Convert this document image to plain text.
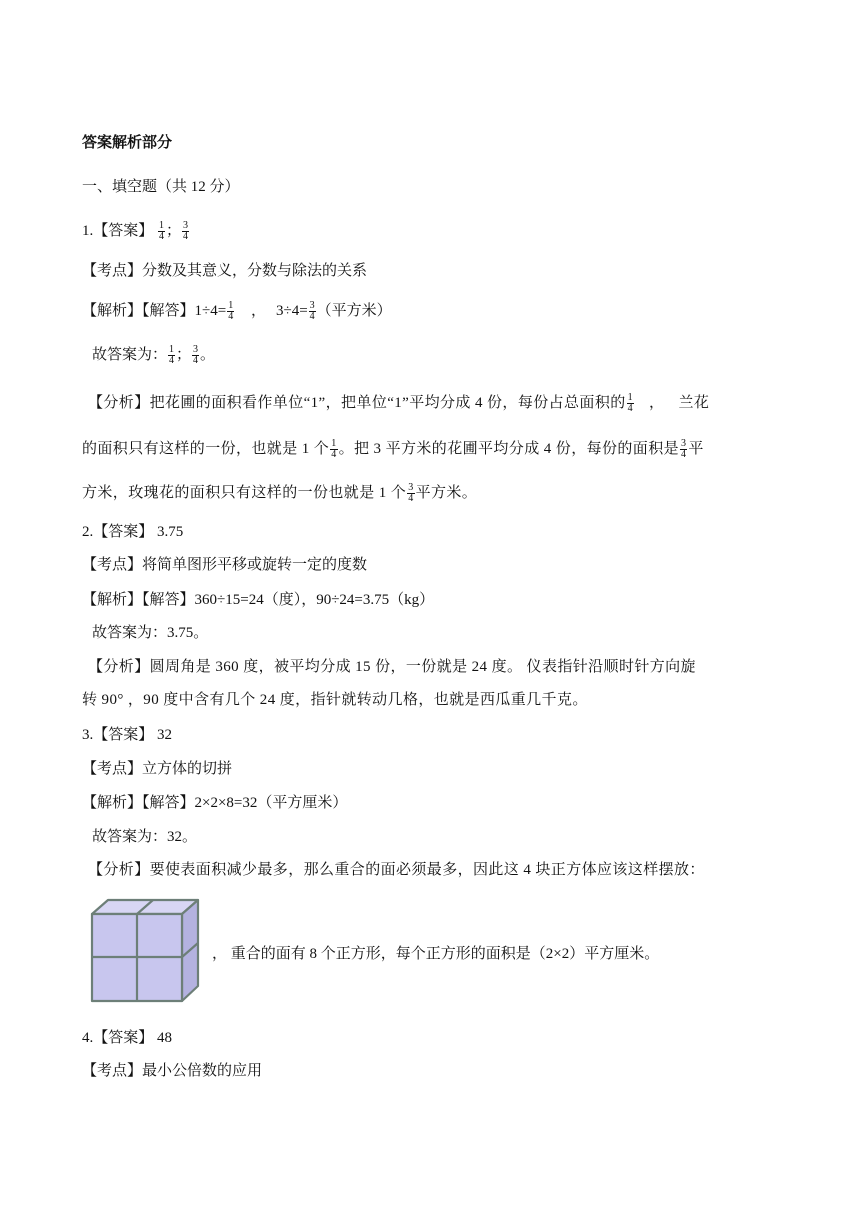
答案解析部分
一、填空题（共 12 分）
1.【答案】 $\frac{1}{4}$ ； $\frac{3}{4}$
【考点】分数及其意义，分数与除法的关系
【解析】【解答】$1\div 4= \frac{1}{4}$ ， $3\div 4= \frac{3}{4}$ （平方米）
故答案为： $\frac{1}{4}$ ； $\frac{3}{4}$ 。
【分析】把花圃的面积看作单位“1”，把单位“1”平均分成 4 份，每份占总面积的 $\frac{1}{4}$ ， 兰花
的面积只有这样的一份，也就是 1 个 $\frac{1}{4}$ 。把 3 平方米的花圃平均分成 4 份，每份的面积是 $\frac{3}{4}$ 平
方米，玫瑰花的面积只有这样的一份也就是 1 个 $\frac{3}{4}$ 平方米。
2.【答案】 3.75
【考点】将简单图形平移或旋转一定的度数
【解析】【解答】360÷15=24（度），90÷24=3.75（kg）
故答案为：3.75。
【分析】圆周角是 360 度，被平均分成 15 份，一份就是 24 度。 仪表指针沿顺时针方向旋
转 90° ，90 度中含有几个 24 度，指针就转动几格，也就是西瓜重几千克。
3.【答案】 32
【考点】立方体的切拼
【解析】【解答】2×2×8=32（平方厘米）
故答案为：32。
【分析】要使表面积减少最多，那么重合的面必须最多，因此这 4 块正方体应该这样摆放：
， 重合的面有 8 个正方形，每个正方形的面积是（2×2）平方厘米。
4.【答案】 48
【考点】最小公倍数的应用
